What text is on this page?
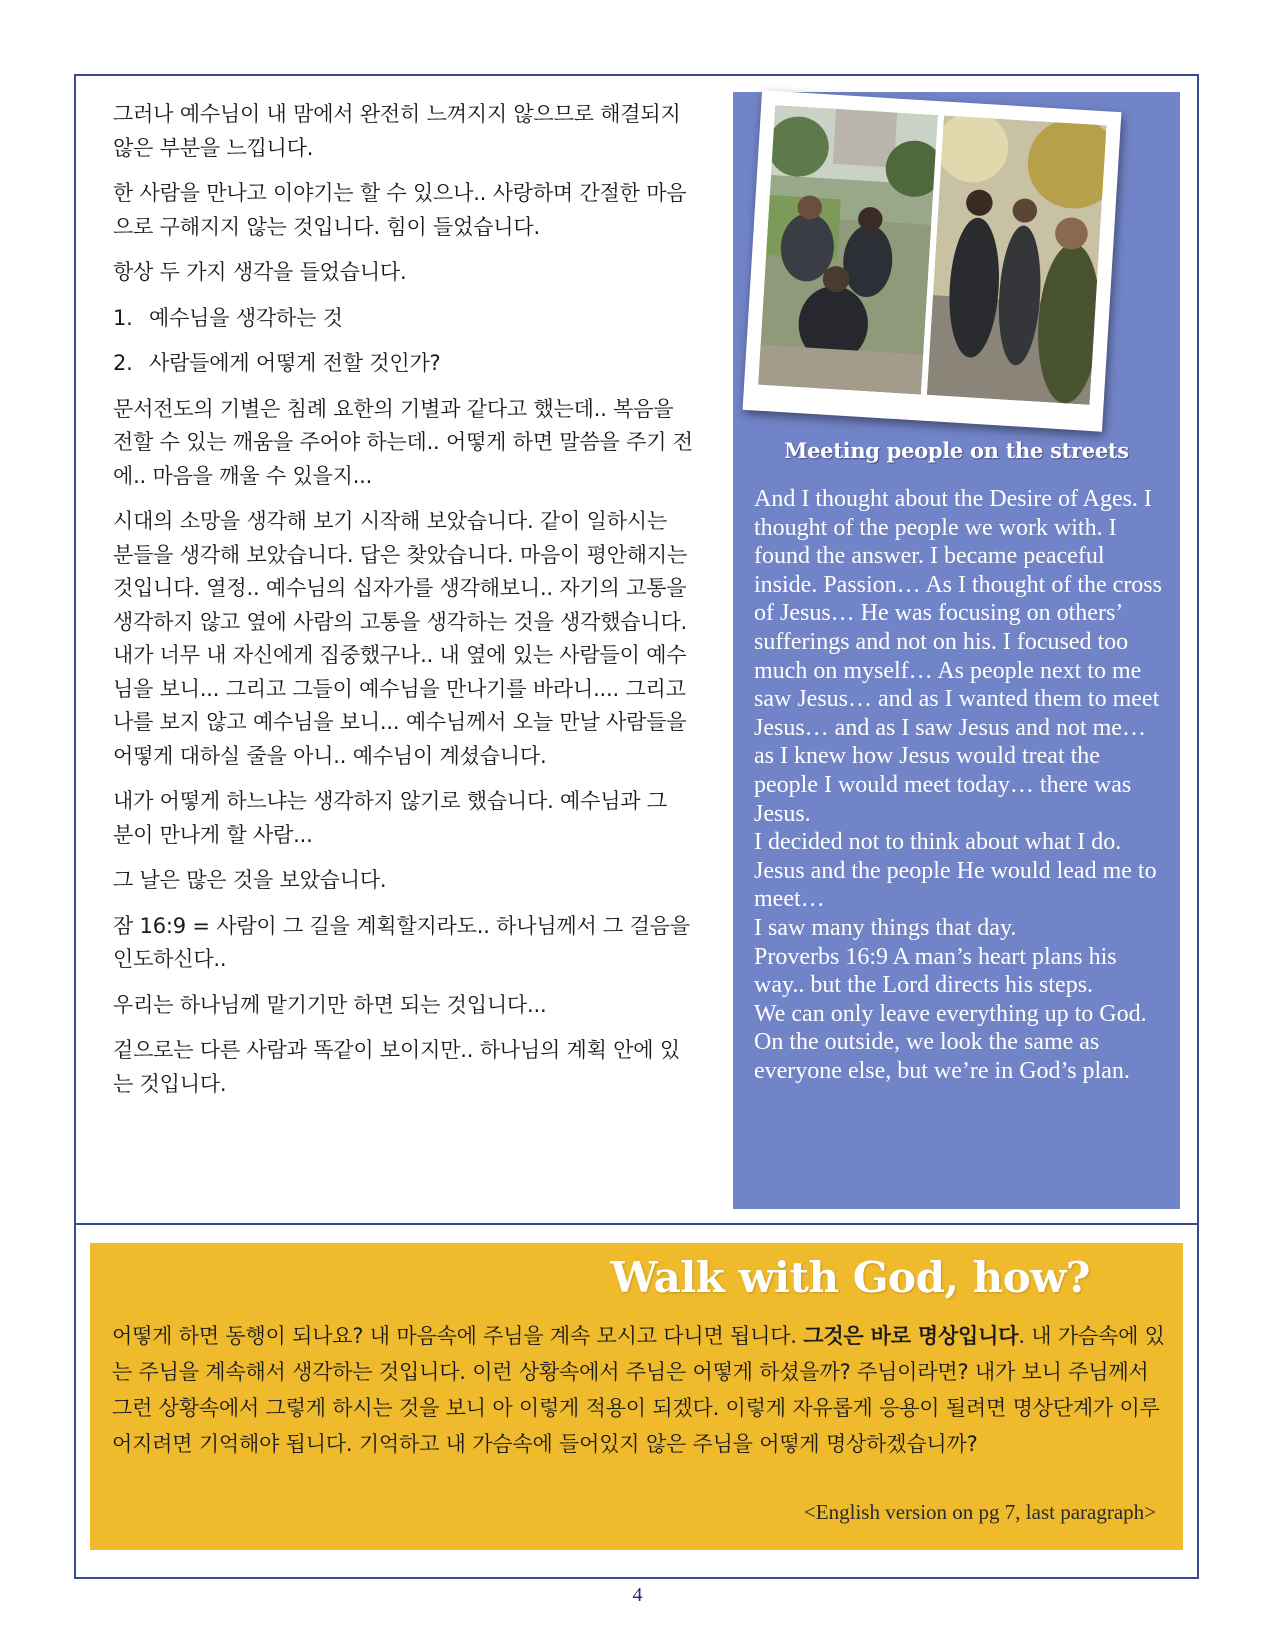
그러나 예수님이 내 맘에서 완전히 느껴지지 않으므로 해결되지 않은 부분을 느낍니다.

한 사람을 만나고 이야기는 할 수 있으나.. 사랑하며 간절한 마음으로 구해지지 않는 것입니다. 힘이 들었습니다.

항상 두 가지 생각을 들었습니다.

1. 예수님을 생각하는 것

2. 사람들에게 어떻게 전할 것인가?

문서전도의 기별은 침례 요한의 기별과 같다고 했는데.. 복음을 전할 수 있는 깨움을 주어야 하는데.. 어떻게 하면 말씀을 주기 전에.. 마음을 깨울 수 있을지...

시대의 소망을 생각해 보기 시작해 보았습니다. 같이 일하시는 분들을 생각해 보았습니다. 답은 찾았습니다. 마음이 평안해지는 것입니다. 열정.. 예수님의 십자가를 생각해보니.. 자기의 고통을 생각하지 않고 옆에 사람의 고통을 생각하는 것을 생각했습니다. 내가 너무 내 자신에게 집중했구나.. 내 옆에 있는 사람들이 예수님을 보니... 그리고 그들이 예수님을 만나기를 바라니.... 그리고 나를 보지 않고 예수님을 보니... 예수님께서 오늘 만날 사람들을 어떻게 대하실 줄을 아니.. 예수님이 계셨습니다.

내가 어떻게 하느냐는 생각하지 않기로 했습니다. 예수님과 그 분이 만나게 할 사람...

그 날은 많은 것을 보았습니다.

잠 16:9 = 사람이 그 길을 계획할지라도.. 하나님께서 그 걸음을 인도하신다..

우리는 하나님께 맡기기만 하면 되는 것입니다...

겉으로는 다른 사람과 똑같이 보이지만.. 하나님의 계획 안에 있는 것입니다.

Meeting people on the streets

And I thought about the Desire of Ages. I thought of the people we work with. I found the answer. I became peaceful inside. Passion… As I thought of the cross of Jesus… He was focusing on others’ sufferings and not on his. I focused too much on myself… As people next to me saw Jesus… and as I wanted them to meet Jesus… and as I saw Jesus and not me… as I knew how Jesus would treat the people I would meet today… there was Jesus.

I decided not to think about what I do. Jesus and the people He would lead me to meet…

I saw many things that day.

Proverbs 16:9 A man’s heart plans his way.. but the Lord directs his steps.

We can only leave everything up to God.

On the outside, we look the same as everyone else, but we’re in God’s plan.

Walk with God, how?
어떻게 하면 동행이 되나요? 내 마음속에 주님을 계속 모시고 다니면 됩니다. 그것은 바로 명상입니다. 내 가슴속에 있는 주님을 계속해서 생각하는 것입니다. 이런 상황속에서 주님은 어떻게 하셨을까? 주님이라면? 내가 보니 주님께서 그런 상황속에서 그렇게 하시는 것을 보니 아 이렇게 적용이 되겠다. 이렇게 자유롭게 응용이 될려면 명상단계가 이루어지려면 기억해야 됩니다. 기억하고 내 가슴속에 들어있지 않은 주님을 어떻게 명상하겠습니까?
<English version on pg 7, last paragraph>
4
